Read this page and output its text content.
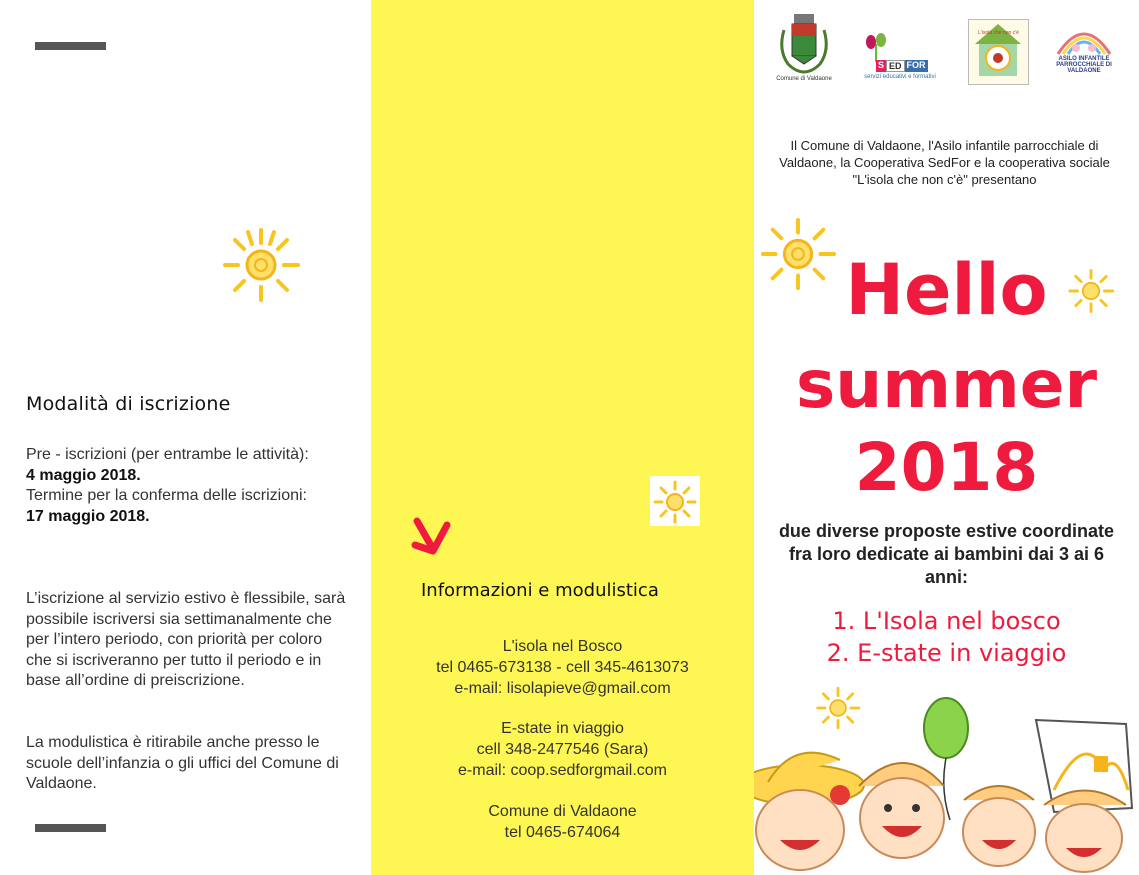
Modalità di iscrizione
Pre - iscrizioni (per entrambe le attività):
4 maggio 2018.
Termine per la conferma delle iscrizioni:
17 maggio 2018.
L’iscrizione al servizio estivo è flessibile, sarà possibile iscriversi sia settimanalmente che per l’intero periodo, con priorità per coloro che si iscriveranno per tutto il periodo e in base all’ordine di preiscrizione.
La modulistica è ritirabile anche presso le scuole dell’infanzia o gli uffici del Comune di Valdaone.
Informazioni e modulistica
L'isola nel Bosco
tel 0465-673138 - cell 345-4613073
e-mail: lisolapieve@gmail.com
E-state in viaggio
cell 348-2477546 (Sara)
e-mail: coop.sedforgmail.com
Comune di Valdaone
tel 0465-674064
Comune di Valdaone
S ED FOR
servizi educativi e formativi
L'isola che non c'è
ASILO INFANTILE PARROCCHIALE DI VALDAONE
Il Comune di Valdaone, l'Asilo infantile parrocchiale di Valdaone, la Cooperativa SedFor e la cooperativa sociale "L'isola che non c'è" presentano
Hello
summer
2018
due diverse proposte estive coordinate fra loro dedicate ai bambini dai 3 ai 6 anni:
1. L'Isola nel bosco
2. E-state in viaggio
